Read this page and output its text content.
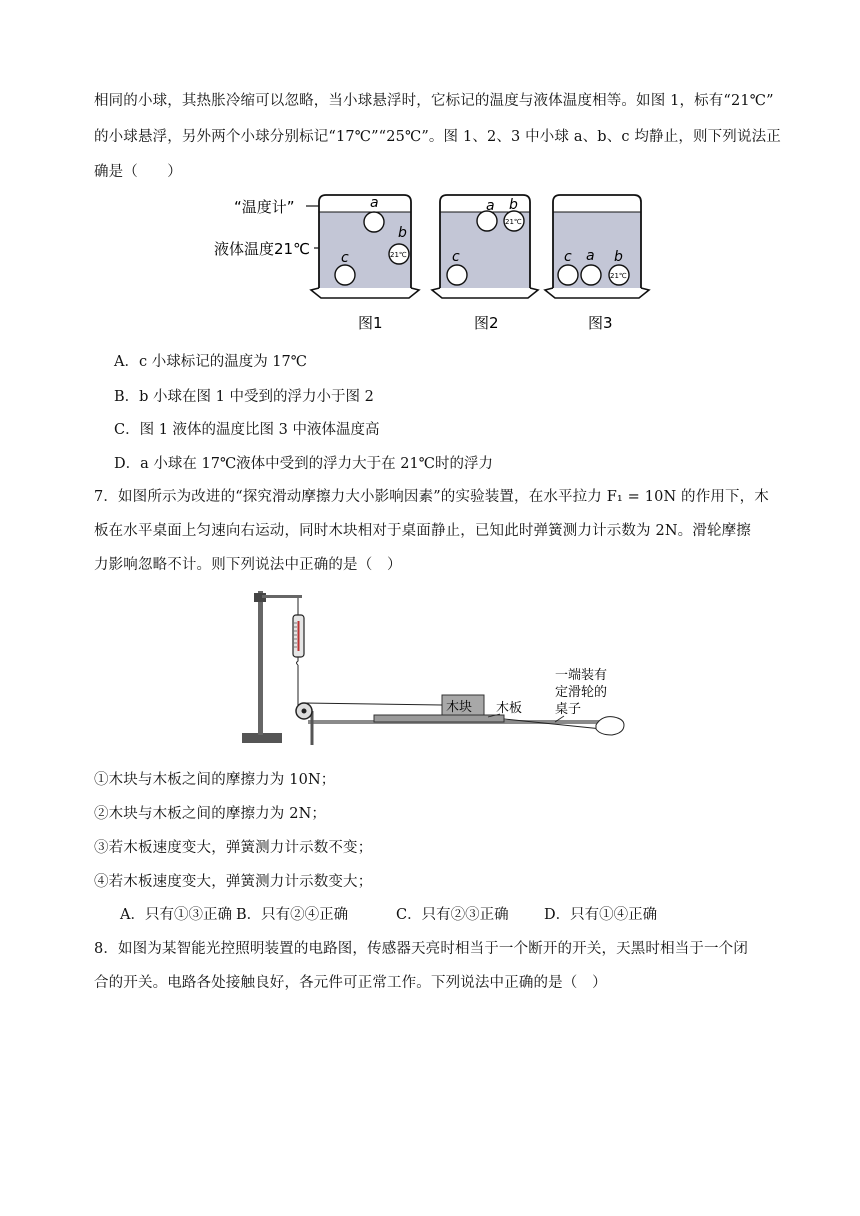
相同的小球，其热胀冷缩可以忽略，当小球悬浮时，它标记的温度与液体温度相等。如图 1，标有“21℃”
的小球悬浮，另外两个小球分别标记“17℃”“25℃”。图 1、2、3 中小球 a、b、c 均静止，则下列说法正
确是（　　）
a
b
c	21℃
a b
c
21℃
c a b
21℃
“温度计”
液体温度21℃
图1	图2	图3
A．c 小球标记的温度为 17℃
B．b 小球在图 1 中受到的浮力小于图 2
C．图 1 液体的温度比图 3 中液体温度高
D．a 小球在 17℃液体中受到的浮力大于在 21℃时的浮力
7．如图所示为改进的“探究滑动摩擦力大小影响因素”的实验装置，在水平拉力 F₁ = 10N 的作用下，木
板在水平桌面上匀速向右运动，同时木块相对于桌面静止，已知此时弹簧测力计示数为 2N。滑轮摩擦
力影响忽略不计。则下列说法中正确的是（　）
木块 木板
一端装有
定滑轮的
桌子
①木块与木板之间的摩擦力为 10N；
②木块与木板之间的摩擦力为 2N；
③若木板速度变大，弹簧测力计示数不变；
④若木板速度变大，弹簧测力计示数变大；
A．只有①③正确 B．只有②④正确	C．只有②③正确 D．只有①④正确
8．如图为某智能光控照明装置的电路图，传感器天亮时相当于一个断开的开关，天黑时相当于一个闭
合的开关。电路各处接触良好，各元件可正常工作。下列说法中正确的是（　）
